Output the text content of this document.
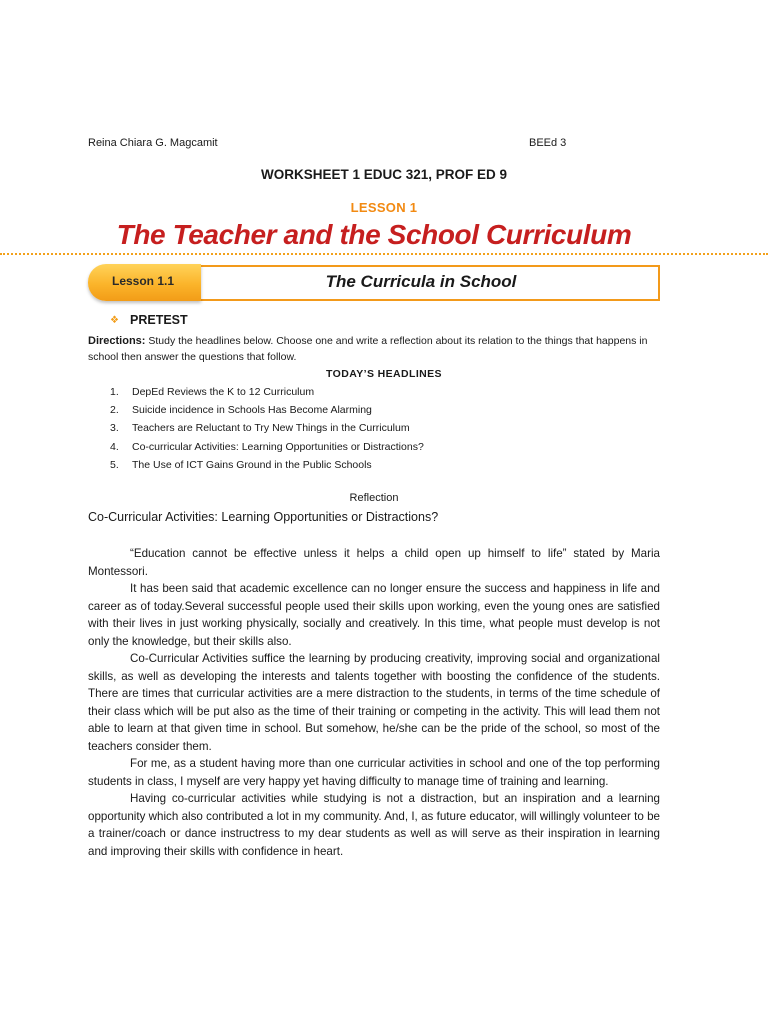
Reina Chiara G. Magcamit	BEEd 3
WORKSHEET 1 EDUC 321, PROF ED 9
LESSON 1
The Teacher and the School Curriculum
Lesson 1.1	The Curricula in School
❖ PRETEST
Directions: Study the headlines below. Choose one and write a reflection about its relation to the things that happens in school then answer the questions that follow.
TODAY’S HEADLINES
1. DepEd Reviews the K to 12 Curriculum
2. Suicide incidence in Schools Has Become Alarming
3. Teachers are Reluctant to Try New Things in the Curriculum
4. Co-curricular Activities: Learning Opportunities or Distractions?
5. The Use of ICT Gains Ground in the Public Schools
Reflection
Co-Curricular Activities: Learning Opportunities or Distractions?

“Education cannot be effective unless it helps a child open up himself to life” stated by Maria Montessori.

It has been said that academic excellence can no longer ensure the success and happiness in life and career as of today.Several successful people used their skills upon working, even the young ones are satisfied with their lives in just working physically, socially and creatively. In this time, what people must develop is not only the knowledge, but their skills also.

Co-Curricular Activities suffice the learning by producing creativity, improving social and organizational skills, as well as developing the interests and talents together with boosting the confidence of the students. There are times that curricular activities are a mere distraction to the students, in terms of the time schedule of their class which will be put also as the time of their training or competing in the activity. This will lead them not able to learn at that given time in school. But somehow, he/she can be the pride of the school, so most of the teachers consider them.

For me, as a student having more than one curricular activities in school and one of the top performing students in class, I myself are very happy yet having difficulty to manage time of training and learning.

Having co-curricular activities while studying is not a distraction, but an inspiration and a learning opportunity which also contributed a lot in my community. And, I, as future educator, will willingly volunteer to be a trainer/coach or dance instructress to my dear students as well as will serve as their inspiration in learning and improving their skills with confidence in heart.
